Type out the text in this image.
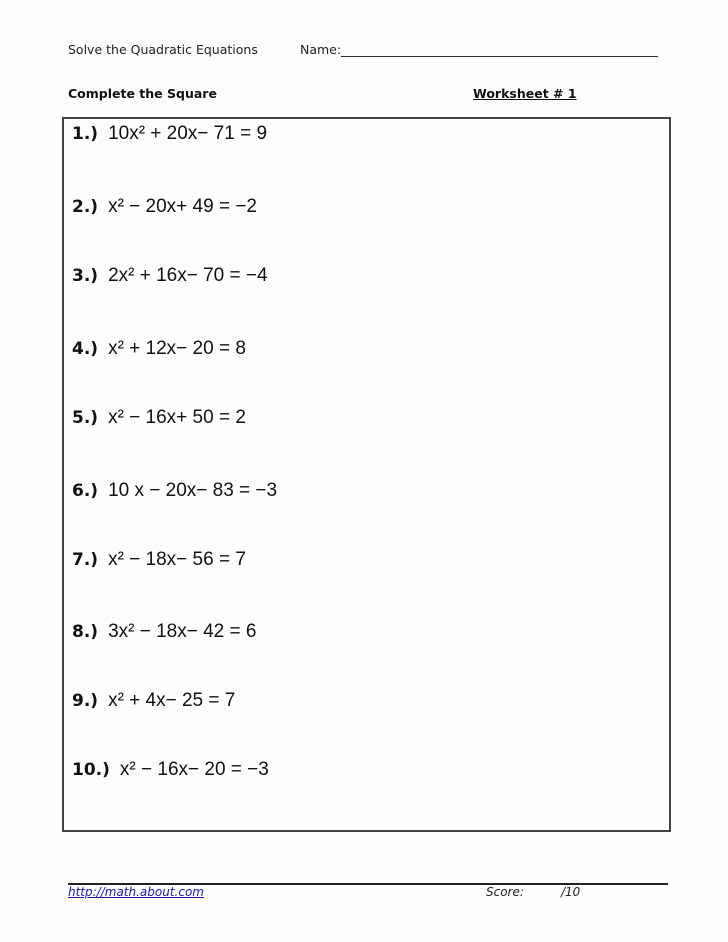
Solve the Quadratic Equations	Name:
Complete the Square	Worksheet # 1
1.) 10x² + 20x− 71 = 9
2.) x² − 20x+ 49 = −2
3.) 2x² + 16x− 70 = −4
4.) x² + 12x− 20 = 8
5.) x² − 16x+ 50 = 2
6.) 10 x − 20x− 83 = −3
7.) x² − 18x− 56 = 7
8.) 3x² − 18x− 42 = 6
9.) x² + 4x− 25 = 7
10.) x² − 16x− 20 = −3
http://math.about.com	Score:	/10
